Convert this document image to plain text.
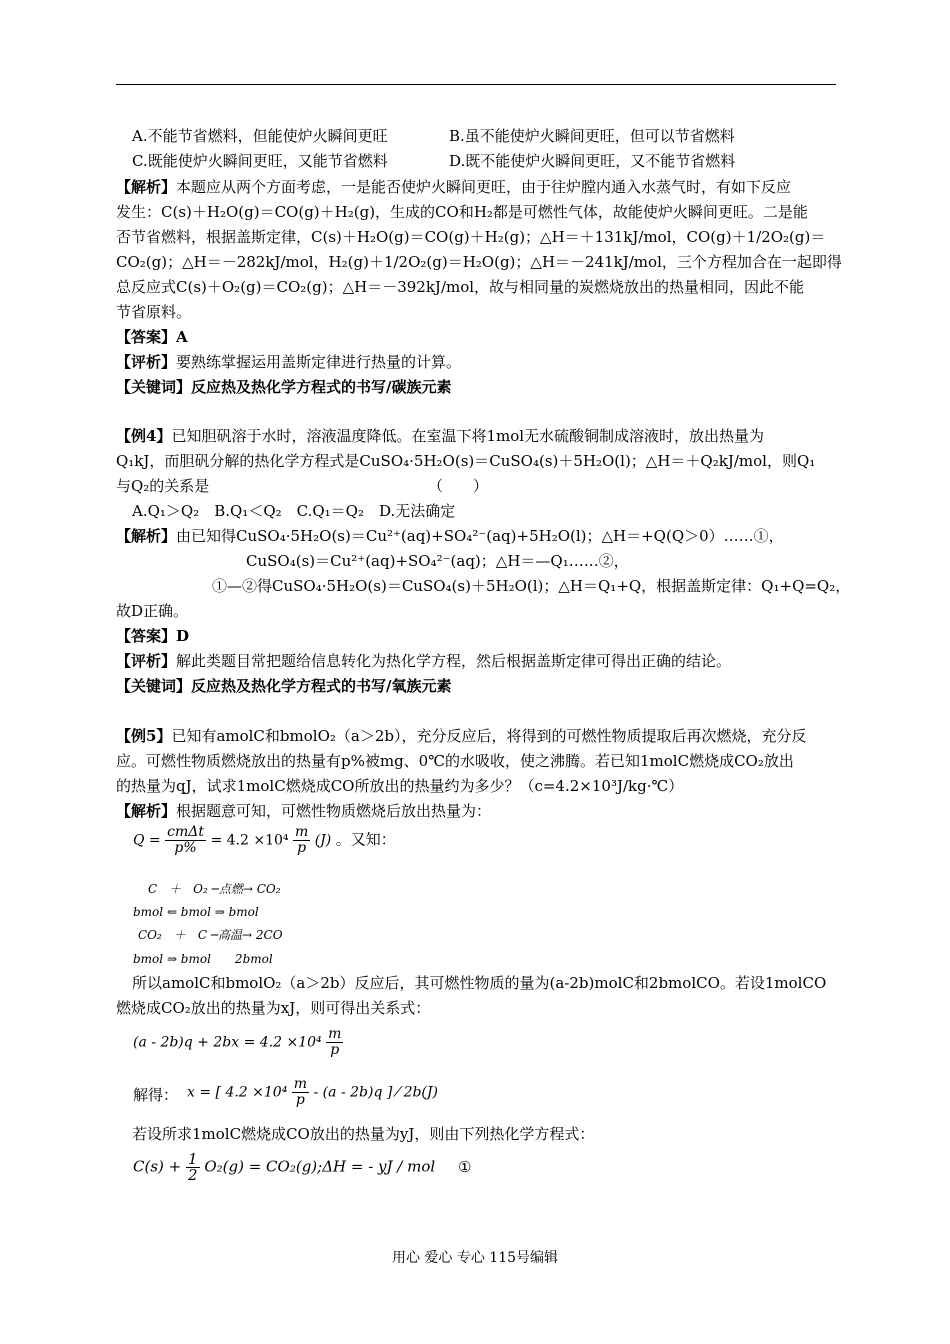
A.不能节省燃料，但能使炉火瞬间更旺	B.虽不能使炉火瞬间更旺，但可以节省燃料
C.既能使炉火瞬间更旺，又能节省燃料	D.既不能使炉火瞬间更旺，又不能节省燃料
【解析】本题应从两个方面考虑，一是能否使炉火瞬间更旺，由于往炉膛内通入水蒸气时，有如下反应
发生：C(s)＋H₂O(g)＝CO(g)＋H₂(g)，生成的CO和H₂都是可燃性气体，故能使炉火瞬间更旺。二是能
否节省燃料，根据盖斯定律，C(s)＋H₂O(g)＝CO(g)＋H₂(g)；△H＝＋131kJ/mol，CO(g)＋1/2O₂(g)＝
CO₂(g)；△H＝－282kJ/mol，H₂(g)＋1/2O₂(g)＝H₂O(g)；△H＝－241kJ/mol，三个方程加合在一起即得
总反应式C(s)＋O₂(g)＝CO₂(g)；△H＝－392kJ/mol，故与相同量的炭燃烧放出的热量相同，因此不能
节省原料。
【答案】A
【评析】要熟练掌握运用盖斯定律进行热量的计算。
【关键词】反应热及热化学方程式的书写/碳族元素
【例4】已知胆矾溶于水时，溶液温度降低。在室温下将1mol无水硫酸铜制成溶液时，放出热量为
Q₁kJ，而胆矾分解的热化学方程式是CuSO₄·5H₂O(s)＝CuSO₄(s)＋5H₂O(l)；△H＝＋Q₂kJ/mol，则Q₁
与Q₂的关系是	（　　）
A.Q₁＞Q₂　B.Q₁＜Q₂　C.Q₁＝Q₂　D.无法确定
【解析】由已知得CuSO₄·5H₂O(s)＝Cu²⁺(aq)+SO₄²⁻(aq)+5H₂O(l)；△H＝+Q(Q＞0）……①，
CuSO₄(s)＝Cu²⁺(aq)+SO₄²⁻(aq)；△H＝—Q₁……②，
①—②得CuSO₄·5H₂O(s)＝CuSO₄(s)＋5H₂O(l)；△H＝Q₁+Q，根据盖斯定律：Q₁+Q=Q₂，
故D正确。
【答案】D
【评析】解此类题目常把题给信息转化为热化学方程，然后根据盖斯定律可得出正确的结论。
【关键词】反应热及热化学方程式的书写/氧族元素
【例5】已知有amolC和bmolO₂（a＞2b），充分反应后，将得到的可燃性物质提取后再次燃烧，充分反
应。可燃性物质燃烧放出的热量有p%被mg、0℃的水吸收，使之沸腾。若已知1molC燃烧成CO₂放出
的热量为qJ，试求1molC燃烧成CO所放出的热量约为多少？（c=4.2×10³J/kg·℃）
【解析】根据题意可知，可燃性物质燃烧后放出热量为：
$Q = \frac{\text{cmΔt}}{p\%} = 4.2 \times 10^4 \frac{m}{p} (J)$ 。又知：
C　＋　O₂ ─点燃→ CO₂
bmol ⇐ bmol ⇒ bmol
CO₂　＋　C ─高温→ 2CO
bmol ⇒ bmol　　2bmol
所以amolC和bmolO₂（a＞2b）反应后，其可燃性物质的量为(a-2b)molC和2bmolCO。若设1molCO
燃烧成CO₂放出的热量为xJ，则可得出关系式：
$(a - 2b)q + 2bx = 4.2 \times 10^4 \frac{m}{p}$
解得： x = [ $4.2 \times 10^4 \frac{m}{p} - (a - 2b)q$ ] ⁄ 2b(J)
若设所求1molC燃烧成CO放出的热量为yJ，则由下列热化学方程式：
$C(s) + \frac{1}{2} O_2(g)$ = CO₂(g);ΔH = - yJ / mol ①
用心 爱心 专心 115号编辑
